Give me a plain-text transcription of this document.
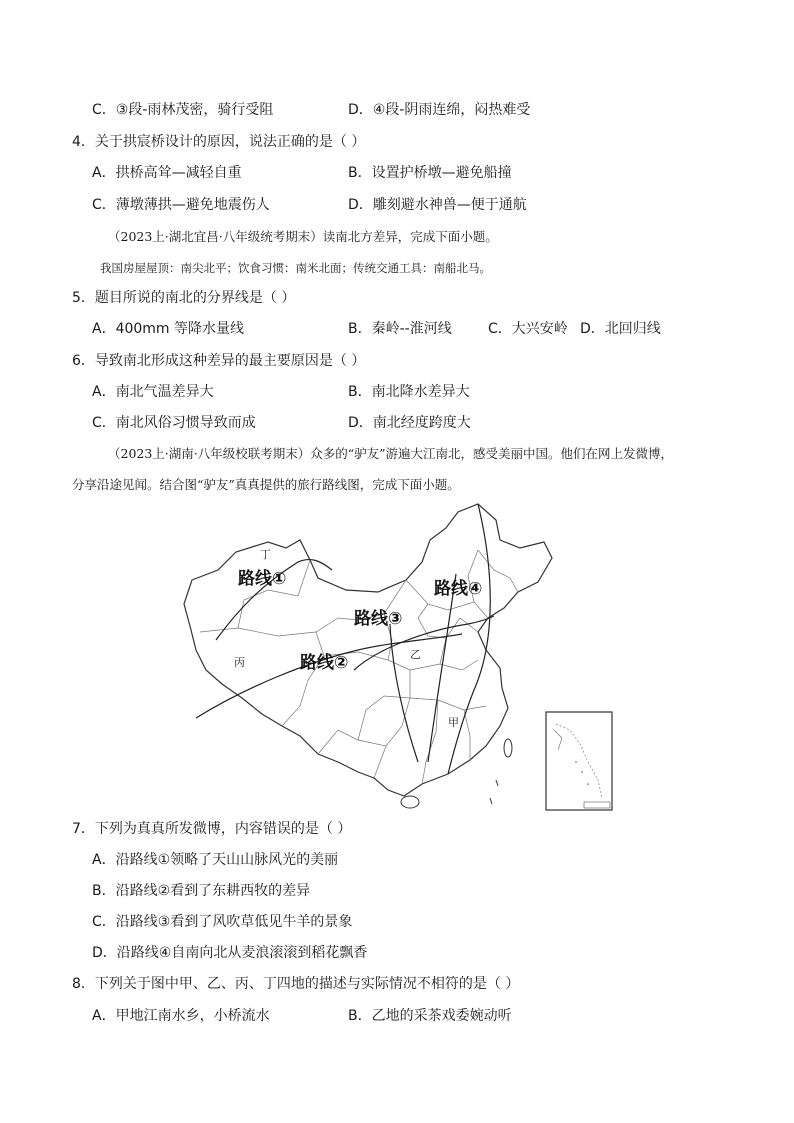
C．③段-雨林茂密，骑行受阻	D．④段-阴雨连绵，闷热难受
4．关于拱宸桥设计的原因，说法正确的是（ ）
A．拱桥高耸—减轻自重	B．设置护桥墩—避免船撞
C．薄墩薄拱—避免地震伤人	D．雕刻避水神兽—便于通航
（2023上·湖北宜昌·八年级统考期末）读南北方差异，完成下面小题。
我国房屋屋顶：南尖北平；饮食习惯：南米北面；传统交通工具：南船北马。
5．题目所说的南北的分界线是（ ）
A．400mm 等降水量线	B．秦岭--淮河线	C．大兴安岭 D．北回归线
6．导致南北形成这种差异的最主要原因是（ ）
A．南北气温差异大	B．南北降水差异大
C．南北风俗习惯导致而成	D．南北经度跨度大
（2023上·湖南·八年级校联考期末）众多的“驴友”游遍大江南北，感受美丽中国。他们在网上发微博，
分享沿途见闻。结合图“驴友”真真提供的旅行路线图，完成下面小题。
路线①
路线②
路线③
路线④
丁
丙
乙
甲
7．下列为真真所发微博，内容错误的是（ ）
A．沿路线①领略了天山山脉风光的美丽
B．沿路线②看到了东耕西牧的差异
C．沿路线③看到了风吹草低见牛羊的景象
D．沿路线④自南向北从麦浪滚滚到稻花飘香
8．下列关于图中甲、乙、丙、丁四地的描述与实际情况不相符的是（ ）
A．甲地江南水乡，小桥流水	B．乙地的采茶戏委婉动听
